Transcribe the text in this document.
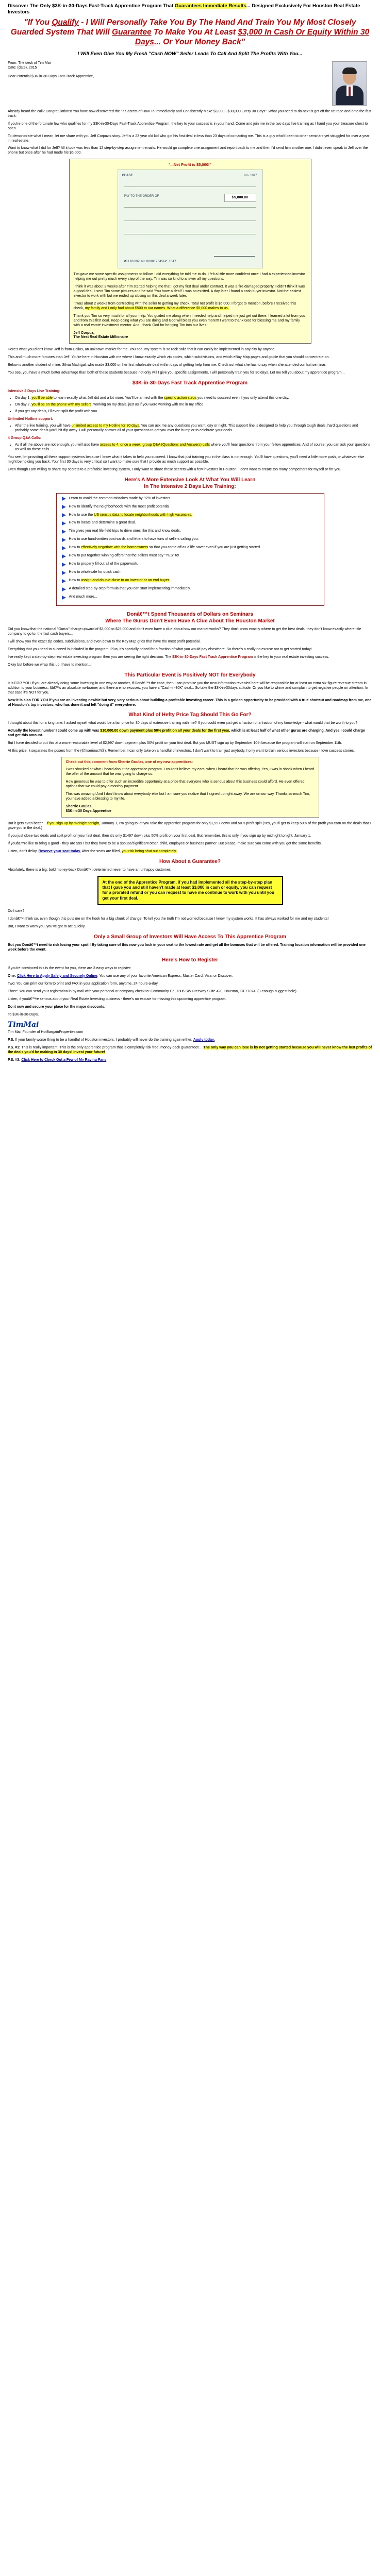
Discover The Only $3K-in-30-Days Fast-Track Apprentice Program That Guarantees Immediate Results... Designed Exclusively For Houston Real Estate Investors

"If You Qualify - I Will Personally Take You By The Hand And Train You My Most Closely Guarded System That Will Guarantee To Make You At Least $3,000 In Cash Or Equity Within 30 Days... Or Your Money Back"
I Will Even Give You My Fresh "Cash NOW" Seller Leads To Call And Split The Profits With You...

From: The desk of Tim Mai

Date: (date), 2015

Dear Potential $3K-in-30-Days Fast-Track Apprentice,

Already heard the call? Congratulations! You have now discovered the "7 Secrets of How To Immediately and Consistently Make $3,000 - $30,000 Every 30 Days". What you need to do next is get off the rat race and onto the fast track.

If you're one of the fortunate few who qualifies for my $3K-in-30-Days Fast-Track Apprentice Program, the key to your success is in your hand. Come and join me in the two days live training as I hand you your treasure chest to open.

To demonstrate what I mean, let me share with you Jeff Corpuz's story. Jeff is a 23 year old kid who got his first deal in less than 23 days of contacting me. This is a guy who'd been to other seminars yet struggled for over a year in real estate.

Want to know what I did for Jeff? All it took was less than 12 step-by-step assignment emails. He would go complete one assignment and report back to me and then I'd send him another one. I didn't even speak to Jeff over the phone but once after he had made his $5,000.

"...Net Profit is $5,000!"
CHASE	No. 1047
PAY TO THE ORDER OF	$5,000.00
⑆111000614⑆ 0000123456⑈ 1047

Tim gave me some specific assignments to follow. I did everything he told me to do. I felt a little more confident once I had a experienced investor helping me out pretty much every step of the way. Tim was so kind to answer all my questions.

I think it was about 3 weeks after Tim started helping me that I got my first deal under contract. It was a fire damaged property. I didn't think it was a good deal, I sent Tim some pictures and he said 'You have a deal!' I was so excited. A day later I found a cash buyer investor. Not the easiest investor to work with but we ended up closing on this deal a week later.

It was about 2 weeks from contracting with the seller to getting my check. Total net profit is $5,000. I forgot to mention, before I received this check, my family and I only had about $500 to our names. What a difference $5,000 makes to us.

Thank you Tim so very much for all your help. You guided me along when I needed help and helped me just get out there. I learned a lot from you and from this first deal. Keep doing what you are doing and God will bless you even more!!! I want to thank God for blessing me and my family with a real estate investment mentor. And I thank God for bringing Tim into our lives.

Jeff Corpuz,

The Next Real Estate Millionaire

Here's what you didn't know. Jeff is from Dallas, an unknown market for me. You see, my system is so rock solid that it can easily be implemented in any city by anyone.

This and much more fortunes than Jeff. You're here in Houston with me where I know exactly which zip codes, which subdivisions, and which eBay Map pages and goldie that you should concentrate on.

Below is another student of mine, Silvia Madrigal, who made $3,000 on her first wholesale deal within days of getting help from me. Check out what she has to say when she attended our last seminar:

You see, you have a much better advantage than both of these students because not only will I give you specific assignments, I will personally train you for 30 days. Let me tell you about my apprentice program...

$3K-in-30-Days Fast Track Apprentice Program
Intensive 2 Days Live Training:
• On day 1, you'll be able to learn exactly what Jeff did and a lot more. You'll be armed with the specific action steps you need to succeed even if you only attend this one day.
• On day 2, you'll be on the phone with my sellers, working on my deals, just as if you were working with me in my office.
• If you get any deals, I'll even split the profit with you.
Unlimited Hotline support:
• After the live training, you will have unlimited access to my Hotline for 30 days. You can ask me any questions you want, day or night. This support line is designed to help you through tough deals, hard questions and probably some deals you'll hit dip away. I will personally answer all of your questions to get you over the hump or to celebrate your deals.
4 Group Q&A Calls:
• As if all the above are not enough, you will also have access to 4, once a week, group Q&A (Questions and Answers) calls where you'll hear questions from your fellow apprentices. And of course, you can ask your questions as well on these calls.

You see, I'm providing all these support systems because I know what it takes to help you succeed. I know that just training you in the class is not enough. You'll have questions, you'll need a little more push, or whatever else might be holding you back. Your first 30 days is very critical so I want to make sure that I provide as much support as possible.

Even though I am willing to share my secrets to a profitable investing system, I only want to share these secrets with a few investors in Houston. I don't want to create too many competitors for myself or for you.

Here's A More Extensive Look At What You Will Learn
In The Intensive 2 Days Live Training:
Learn to avoid the common mistakes made by 97% of investors.
How to identify the neighborhoods with the most profit potential.
How to use the US census data to locate neighborhoods with high vacancies.
How to locate and determine a great deal.
Tim gives you real life field trips to drive ones like this and know deals.
How to use hand-written post-cards and letters to have tons of sellers calling you.
How to effectively negotiate with the homeowners so that you come off as a life saver even if you are just getting started.
How to put together winning offers that the sellers must say "YES" to!
How to properly fill out all of the paperwork.
How to wholesale for quick cash.
How to assign and double-close to an investor or an end buyer.
A detailed step-by-step formula that you can start implementing immediately.
And much more...
Donâ€™t Spend Thousands of Dollars on Seminars
Where The Gurus Don't Even Have A Clue About The Houston Market

Did you know that the national "Gurus" charge upward of $3,000 to $25,000 and don't even have a clue about how our market works? They don't know exactly where to get the best deals, they don't know exactly where title company to go to, the fast cash buyers...

I will show you the exact zip codes, subdivisions, and even down to the Key Map grids that have the most profit potential.

Everything that you need to succeed is included in the program. Plus, it's specially priced for a fraction of what you would pay elsewhere. So there's a really no excuse not to get started today!

I've really kept a step-by-step real estate investing program then you are seeing the right decision. The $3K-in-30-Days Fast Track Apprentice Program is the key to your real estate investing success.

Okay but before we wrap this up I have to mention...

This Particular Event is Positively NOT for Everybody

It is FOR YOU if you are already doing some investing in one way or another, if Donâ€™t the case, then I can promise you the new information revealed here will be responsible for at least an extra six-figure revenue stream in addition to your business. Itâ€™s an absolute no-brainer and there are no excuses, you have a "Cash-in-30K" deal... So take the $3K-in-30days attitude. Or you like to whine and complain to get negative people on attention. In that case it's NOT for you.

Now it is also FOR YOU if you are an investing newbie but very, very serious about building a profitable investing career. This is a golden opportunity to be provided with a true shortcut and roadmap from me, one of Houston's top investors, who has done it and left "doing it" everywhere.

What Kind of Hefty Price Tag Should This Go For?

I thought about this for a long time. I asked myself what would be a fair price for 30 days of extensive training with me? If you could even just get a fraction of a fraction of my knowledge - what would that be worth to you?

Actually the lowest number I could come up with was $10,000.00 down payment plus 50% profit on all your deals for the first year, which is at least half of what other gurus are charging. And yes I could charge and get this amount.

But I have decided to put this at a more reasonable level of $2,997 down payment plus 50% profit on your first deal. But you MUST sign up by September 10th because the program will start on September 11th.

At this price, it separates the posers from the (@#serious#@). Remember, I can only take on a handful of investors. I don't want to train just anybody. I only want to train serious investors because I love success stories.

Check out this comment from Sherrie Goulas, one of my new apprentices:

I was shocked at what I heard about the apprentice program. I couldn't believe my ears, when I heard that he was offering. Yes, I was in shock when I heard the offer of the amount that he was going to charge us.

How generous he was to offer such an incredible opportunity at a price that everyone who is serious about this business could afford. He even offered options that we could pay a monthly payment.

This was amazing! And I don't know about everybody else but I am sure you realize that I signed up right away. We are on our way. Thanks so much Tim, you have added a blessing to my life.

Sherrie Goulas,

$3K-in-30 Days Apprentice

But it gets even better... if you sign up by midnight tonight, January 1, I'm going to let you take the apprentice program for only $1,997 down and 50% profit split (Yes, you'll get to keep 50% of the profit you earn on the deals that I gave you in the deal.)

If you just close two deals and split profit on your first deal, then it's only $1497 down plus 50% profit on your first deal. But remember, this is only if you sign up by midnight tonight, January 1.

If youâ€™re like to bring a good - they are $997 but they have to be a spouse/significant other, child, employee or business partner. But please, make sure you come with you get the same benefits.

Listen, don't delay. Reserve your seat today. After the seats are filled, you risk being shut out completely.

How About a Guarantee?

Absolutely, there is a big, bold money-back Donâ€™t determined never to have an unhappy customer:

At the end of the Apprentice Program, if you had implemented all the step-by-step plan that I gave you and still haven't made at least $3,000 in cash or equity, you can request for a prorated refund or you can request to have me continue to work with you until you get your first deal.

Do I care?

I donâ€™t think so, even though this puts me on the hook for a big chunk of change. To tell you the truth I'm not worried because I know my system works. It has always worked for me and my students!

But, I want to warn you, you've got to act quickly...

Only a Small Group of Investors Will Have Access To This Apprentice Program

But you Donâ€™t need to risk losing your spot!! By taking care of this now you lock in your seat to the lowest rate and get all the bonuses that will be offered. Training location information will be provided one week before the event.

Here's How to Register

If you're convinced this is the event for you, there are 3 easy ways to register:

One: Click Here to Apply Safely and Securely Online. You can use any of your favorite American Express, Master Card, Visa, or Discover.

Two: You can print our form to print and FAX in your application form, anytime, 24 hours-a-day.

Three: You can send your registration in by mail with your personal or company check to: Community EZ, 7306 SW Freeway Suite 420, Houston, TX 77074. (3 enough suggest hole).

Listen, if youâ€™re serious about your Real Estate Investing business - there's no excuse for missing this upcoming apprentice program.

Do it now and secure your place for the major discounts.

To $3K-in-30-Days,

TimMai

Tim Mai, Founder of HotBargainProperties.com

P.S. If your family worse thing to be a handful of Houston investors. I probably will never do the training again either. Apply today.

P.S. #1: This is really important. This is the only apprentice program that is completely risk free, money-back guarantee!!... The only way you can lose is by not getting started because you will never know the lost profits of the deals you'd be making in 30 days! Invest your future!

P.S. #3: Click Here to Check Out a Few of My Raving Fans
